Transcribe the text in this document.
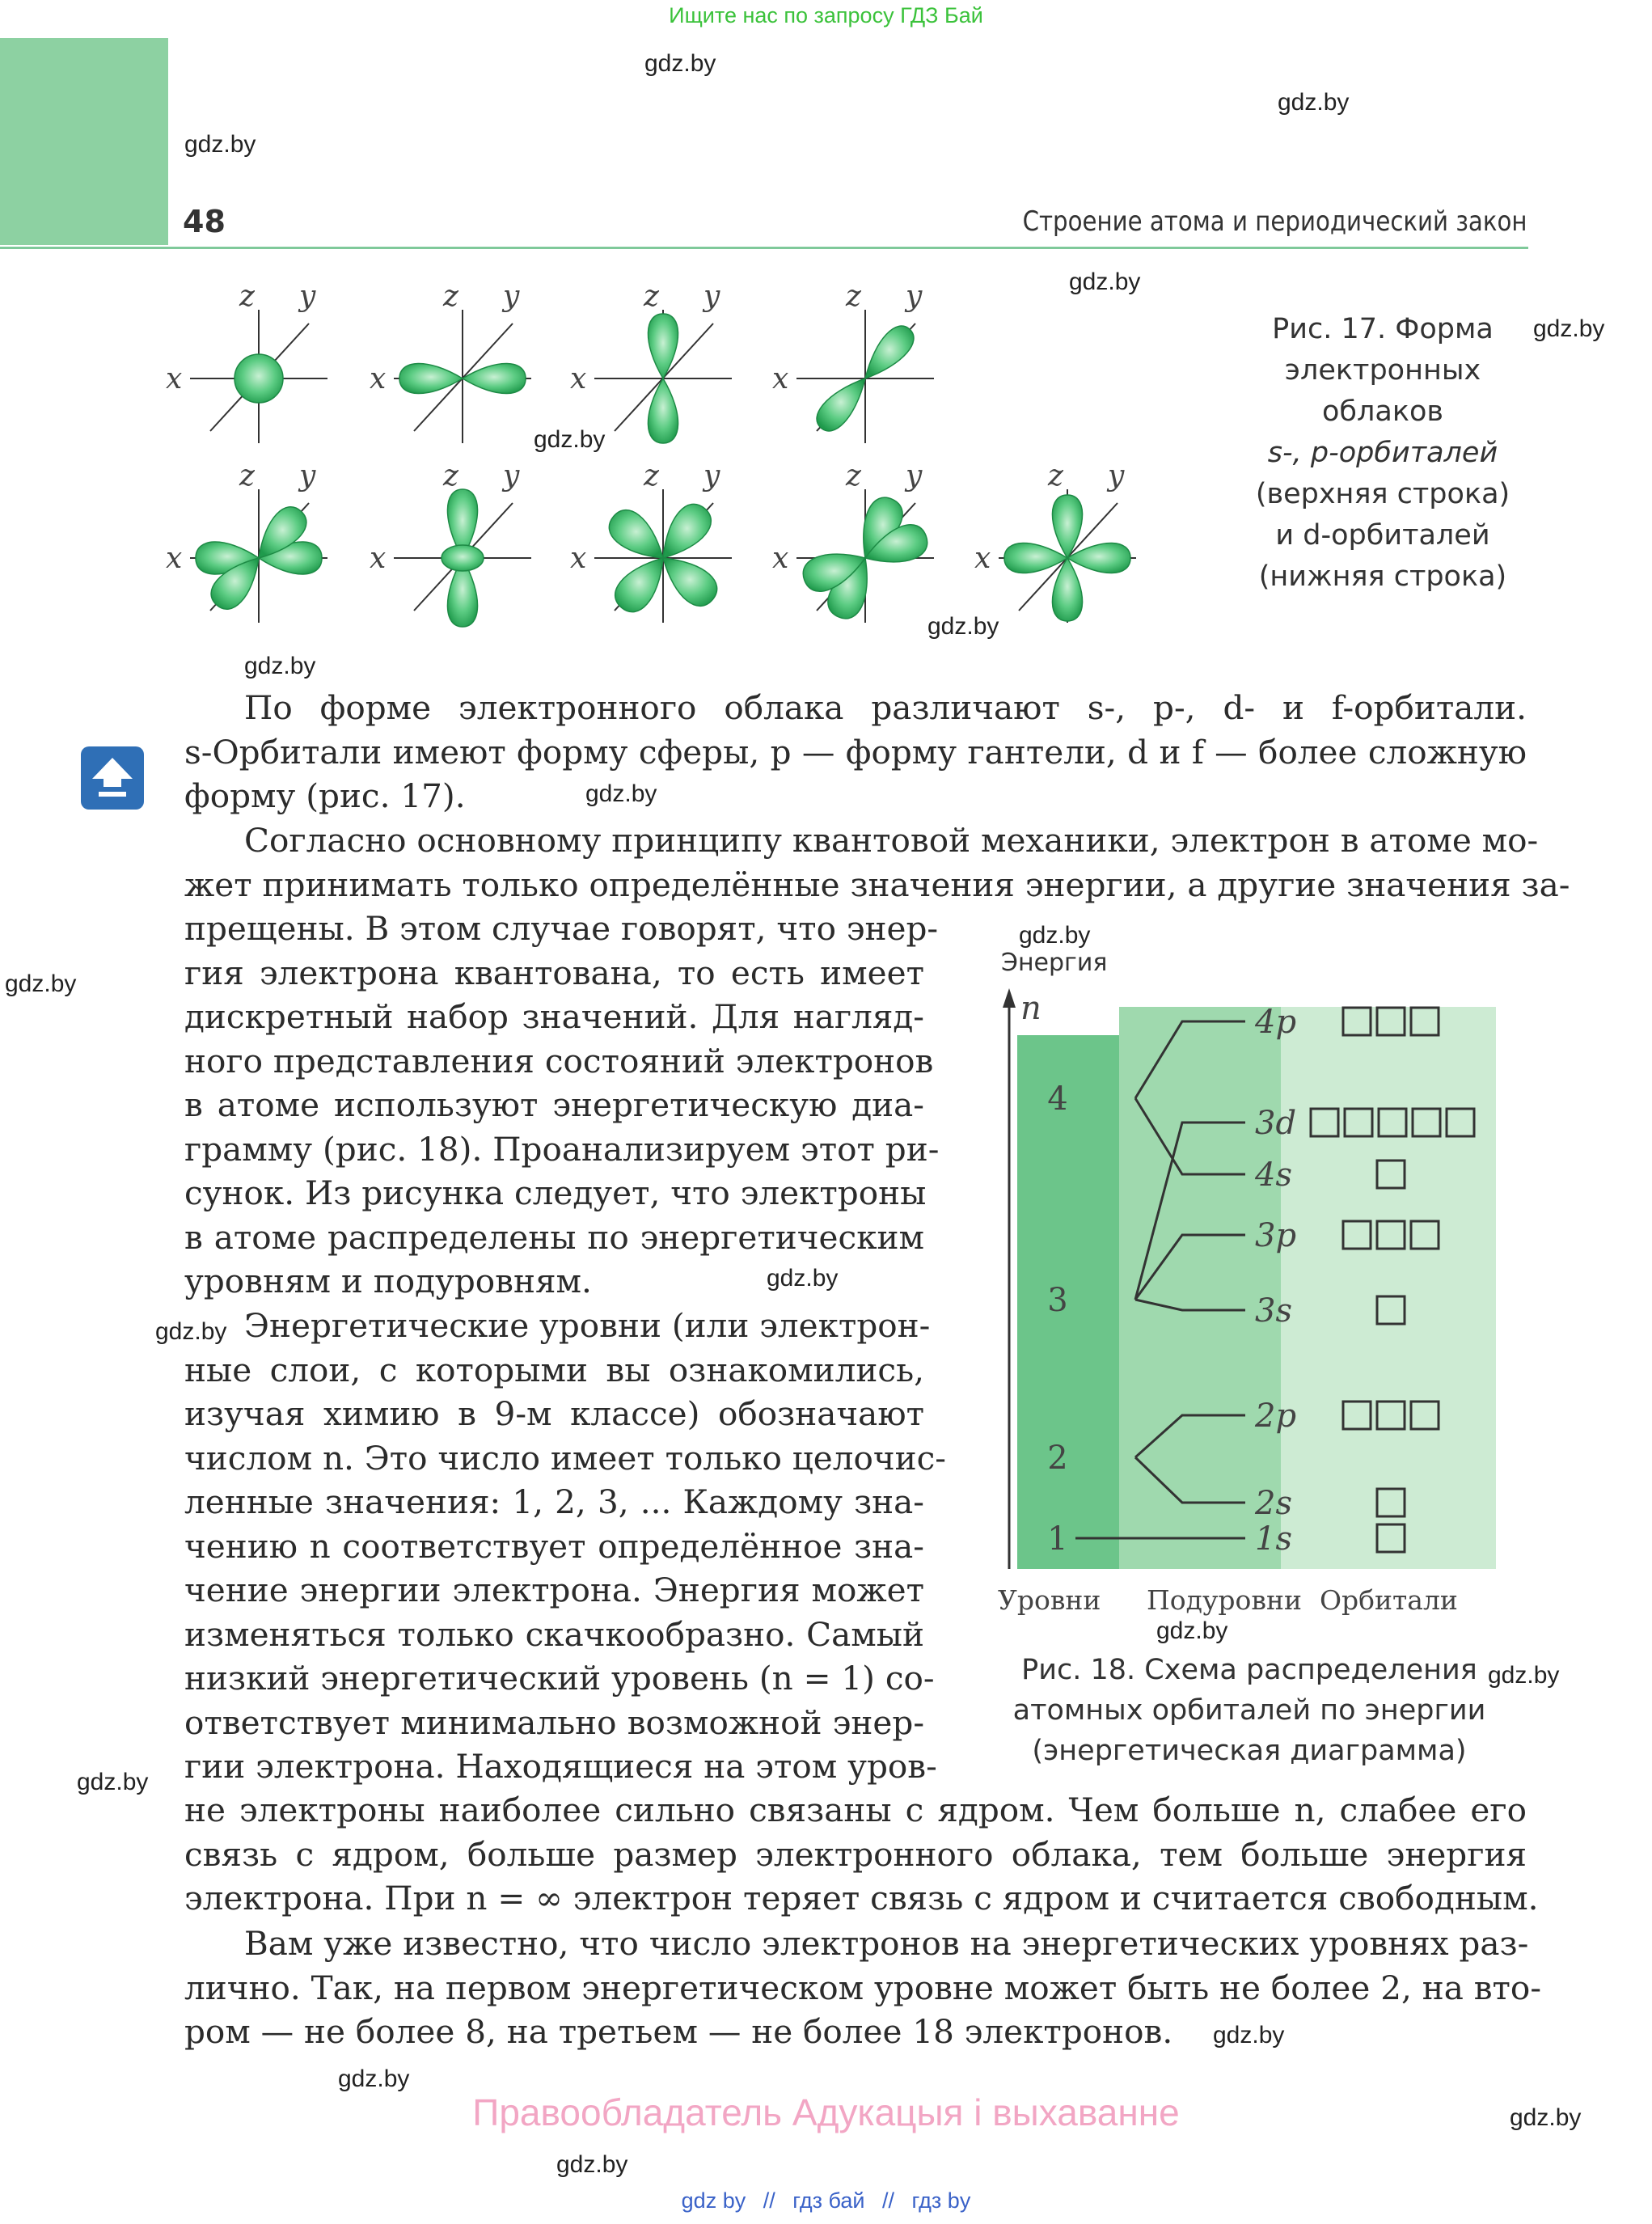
Ищите нас по запросу ГДЗ Бай
48	Строение атома и периодический закон
gdz.by
gdz.by
gdz.by
gdz.by
gdz.by
gdz.by
gdz.by
gdz.by
gdz.by
gdz.by
gdz.by
gdz.by
gdz.by
gdz.by
gdz.by
gdz.by
gdz.by
gdz.by
gdz.by
gdz.by
z y
x
z y
x
z y
x
z y
x
z y
x
z y
x
z y
x
z y
x
z y
x
Рис. 17. Форма
электронных
облаков
s-, p-орбиталей
(верхняя строка)
и d-орбиталей
(нижняя строка)
По форме электронного облака различают s-, p-, d- и f-орбитали.
s-Орбитали имеют форму сферы, p — форму гантели, d и f — более сложную
форму (рис. 17).
Согласно основному принципу квантовой механики, электрон в атоме мо-
жет принимать только определённые значения энергии, а другие значения за-
прещены. В этом случае говорят, что энер-
гия электрона квантована, то есть имеет
дискретный набор значений. Для нагляд-
ного представления состояний электронов
в атоме используют энергетическую диа-
грамму (рис. 18). Проанализируем этот ри-
сунок. Из рисунка следует, что электроны
в атоме распределены по энергетическим
уровням и подуровням.
Энергетические уровни (или электрон-
ные слои, с которыми вы ознакомились,
изучая химию в 9-м классе) обозначают
числом n. Это число имеет только целочис-
ленные значения: 1, 2, 3, ... Каждому зна-
чению n соответствует определённое зна-
чение энергии электрона. Энергия может
изменяться только скачкообразно. Самый
низкий энергетический уровень (n = 1) со-
ответствует минимально возможной энер-
гии электрона. Находящиеся на этом уров-
не электроны наиболее сильно связаны с ядром. Чем больше n, слабее его
связь с ядром, больше размер электронного облака, тем больше энергия
электрона. При n = ∞ электрон теряет связь с ядром и считается свободным.
Вам уже известно, что число электронов на энергетических уровнях раз-
лично. Так, на первом энергетическом уровне может быть не более 2, на вто-
ром — не более 8, на третьем — не более 18 электронов.
Энергия
n
1
2
3
4
1s
2s
2p
3s
3p
4s
3d
4p
Уровни Подуровни Орбитали
Рис. 18. Схема распределения
атомных орбиталей по энергии
(энергетическая диаграмма)
Правообладатель Адукацыя і выхаванне
gdz by // гдз бай // гдз by
